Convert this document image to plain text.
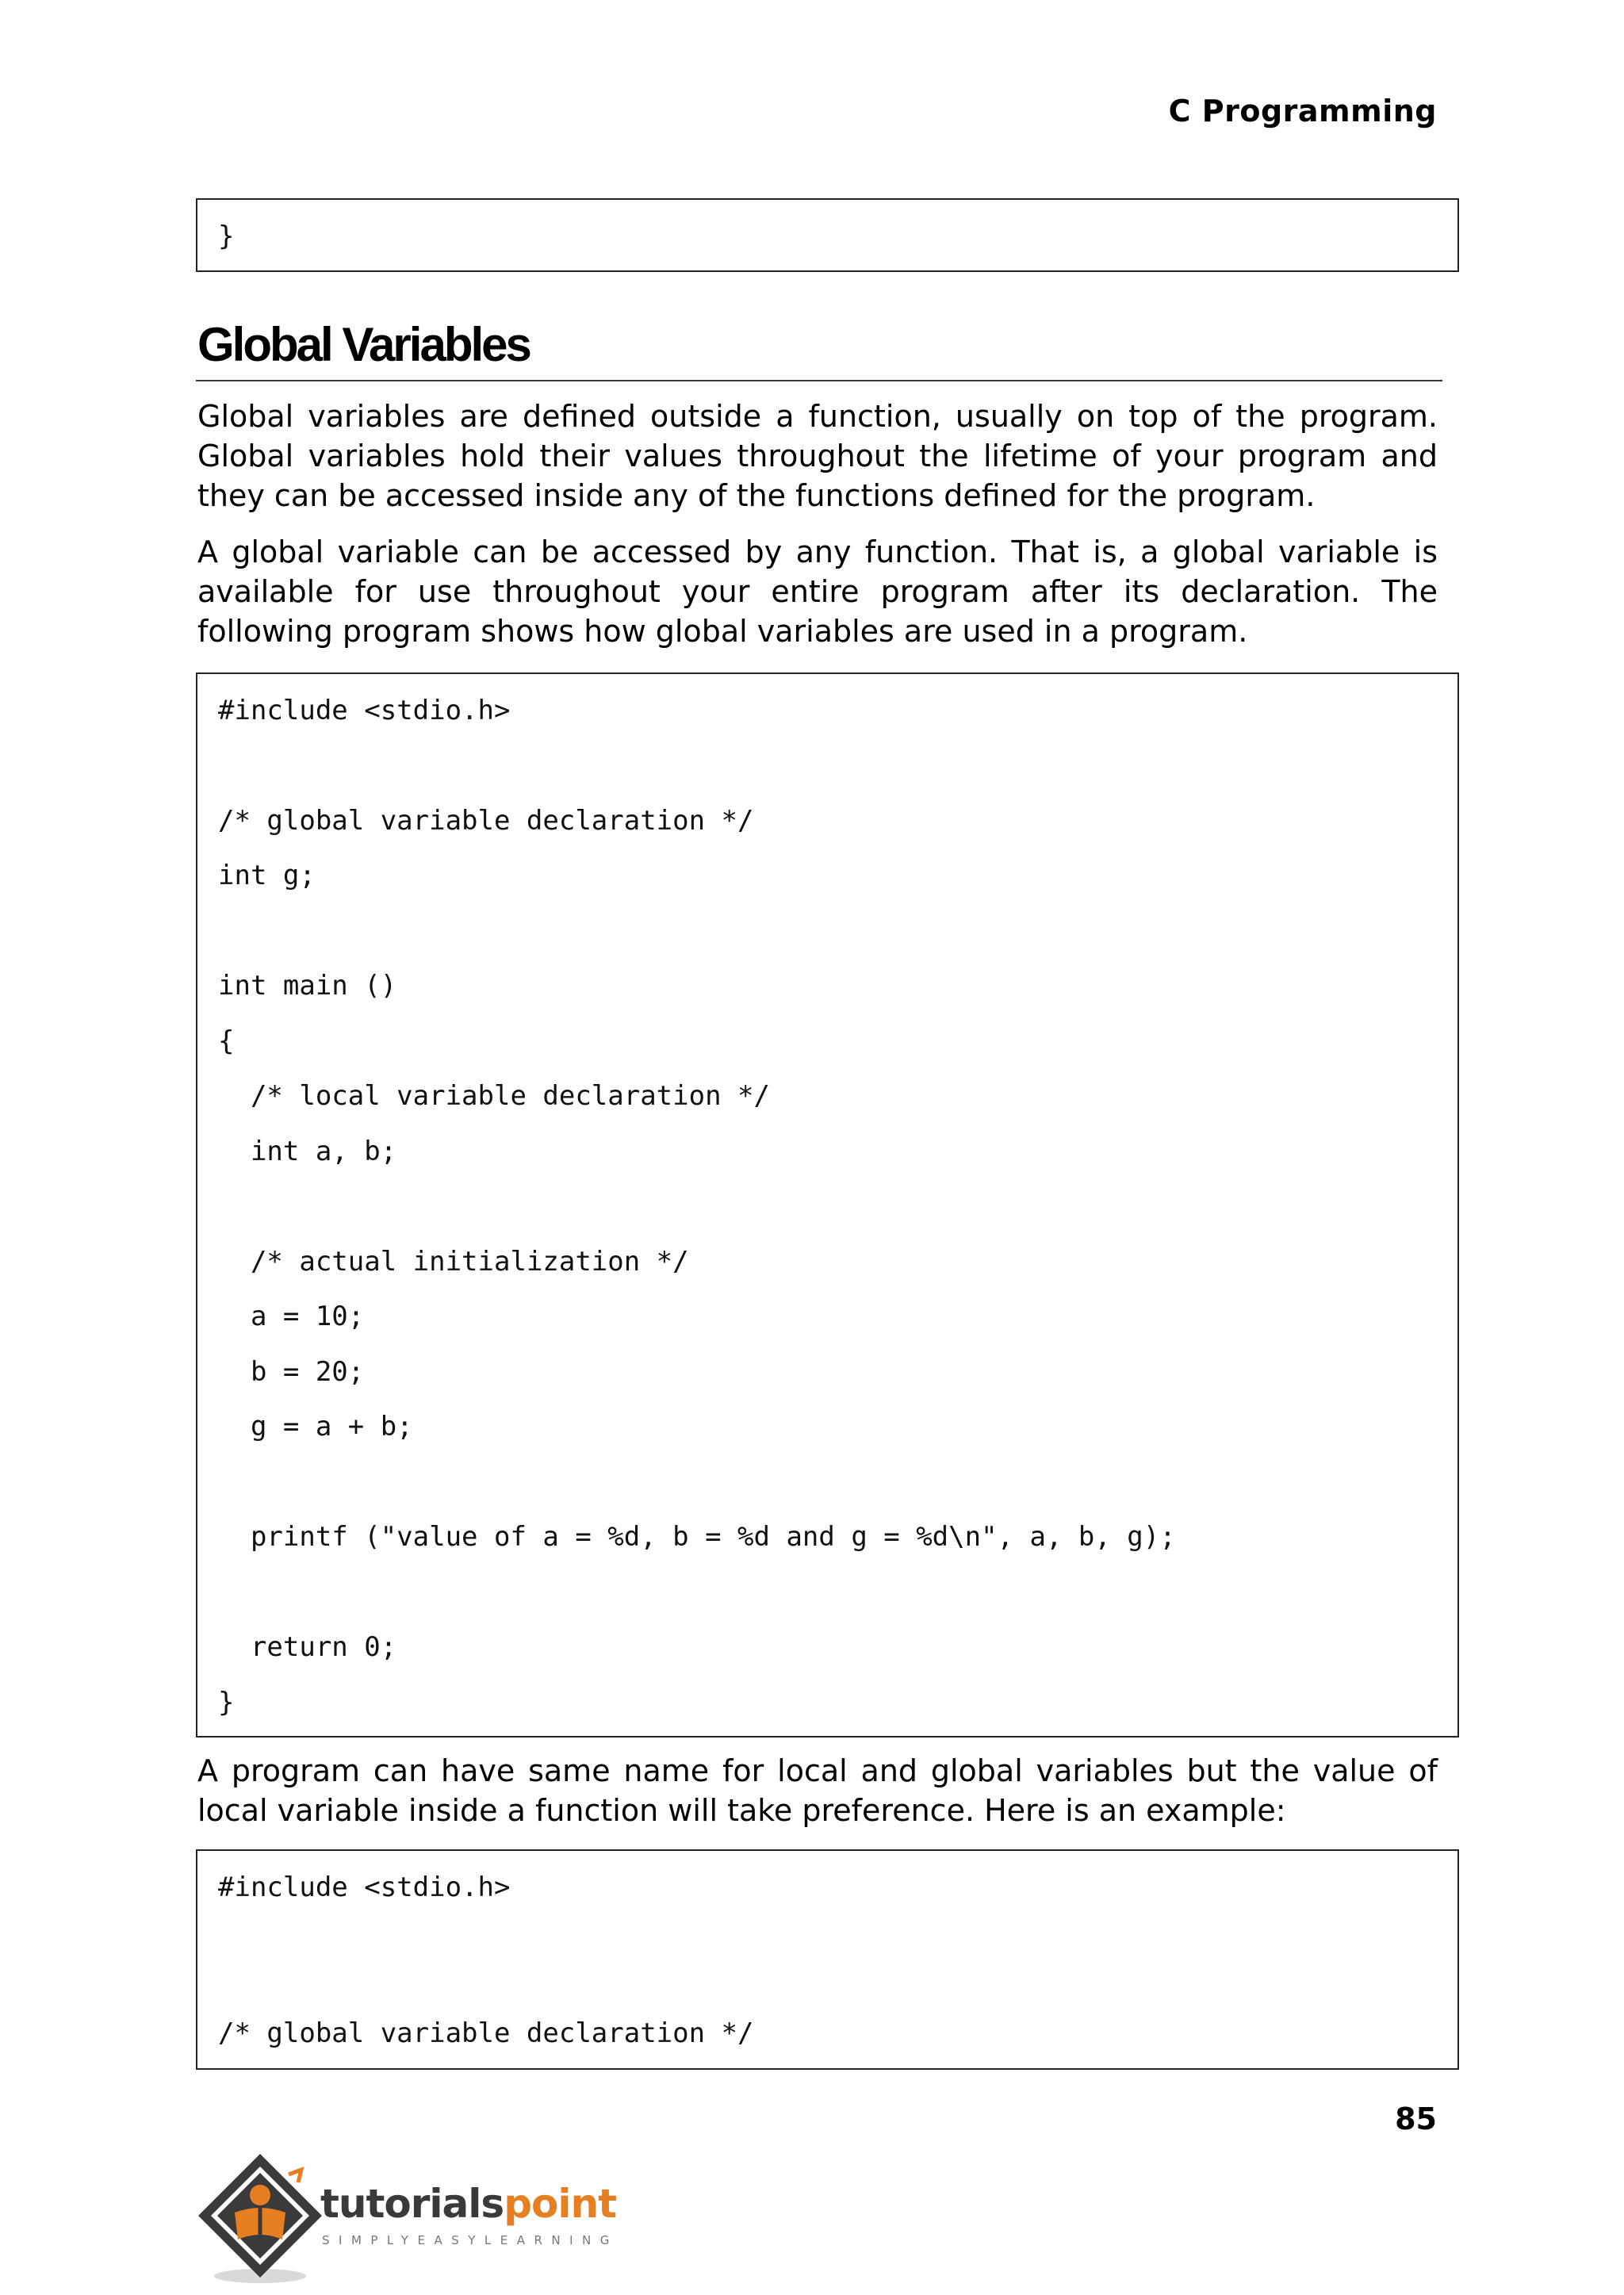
C Programming
}
Global Variables

Global variables are defined outside a function, usually on top of the program. Global variables hold their values throughout the lifetime of your program and they can be accessed inside any of the functions defined for the program.

A global variable can be accessed by any function. That is, a global variable is available for use throughout your entire program after its declaration. The following program shows how global variables are used in a program.

#include <stdio.h>
/* global variable declaration */
int g;
int main ()
{
/* local variable declaration */
int a, b;
/* actual initialization */
a = 10;
b = 20;
g = a + b;
printf ("value of a = %d, b = %d and g = %d\n", a, b, g);
return 0;
}

A program can have same name for local and global variables but the value of local variable inside a function will take preference. Here is an example:

#include <stdio.h>
/* global variable declaration */
85
tutorialspoint
SIMPLYEASYLEARNING
